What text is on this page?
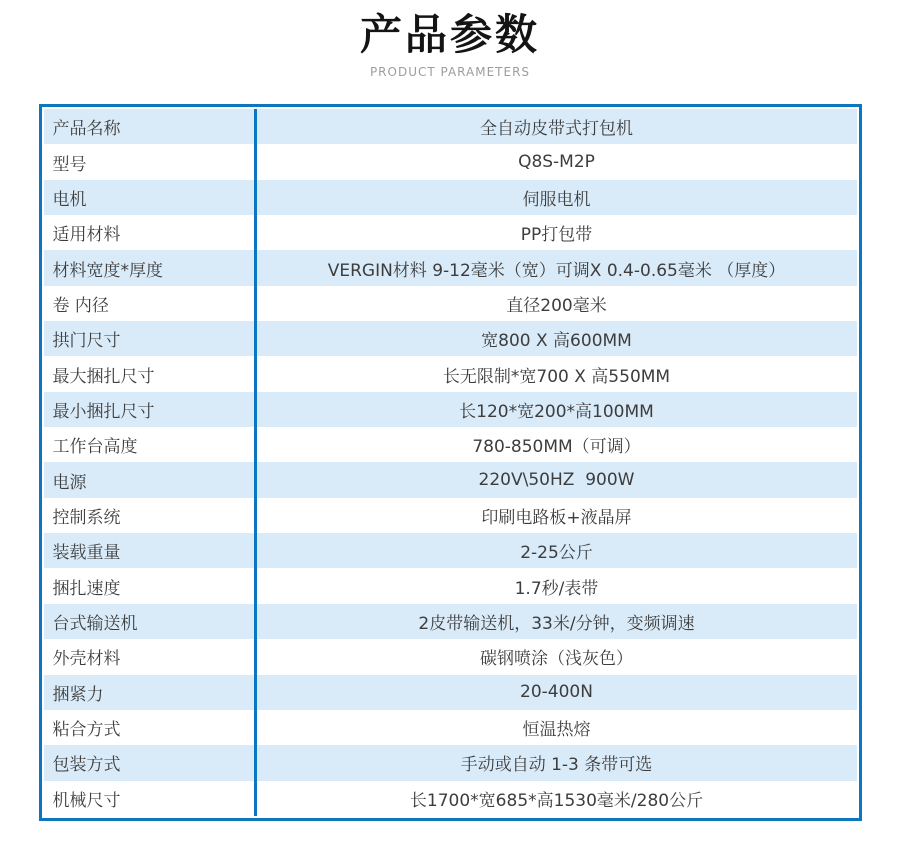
产品参数
PRODUCT PARAMETERS
产品名称	全自动皮带式打包机
型号	Q8S-M2P
电机	伺服电机
适用材料	PP打包带
材料宽度*厚度	VERGIN材料 9-12毫米（宽）可调X 0.4-0.65毫米 （厚度）
卷 内径	直径200毫米
拱门尺寸	宽800 X 高600MM
最大捆扎尺寸	长无限制*宽700 X 高550MM
最小捆扎尺寸	长120*宽200*高100MM
工作台高度	780-850MM（可调）
电源	220V\50HZ  900W
控制系统	印刷电路板+液晶屏
装载重量	2-25公斤
捆扎速度	1.7秒/表带
台式输送机	2皮带输送机，33米/分钟，变频调速
外壳材料	碳钢喷涂（浅灰色）
捆紧力	20-400N
粘合方式	恒温热熔
包装方式	手动或自动 1-3 条带可选
机械尺寸	长1700*宽685*高1530毫米/280公斤
